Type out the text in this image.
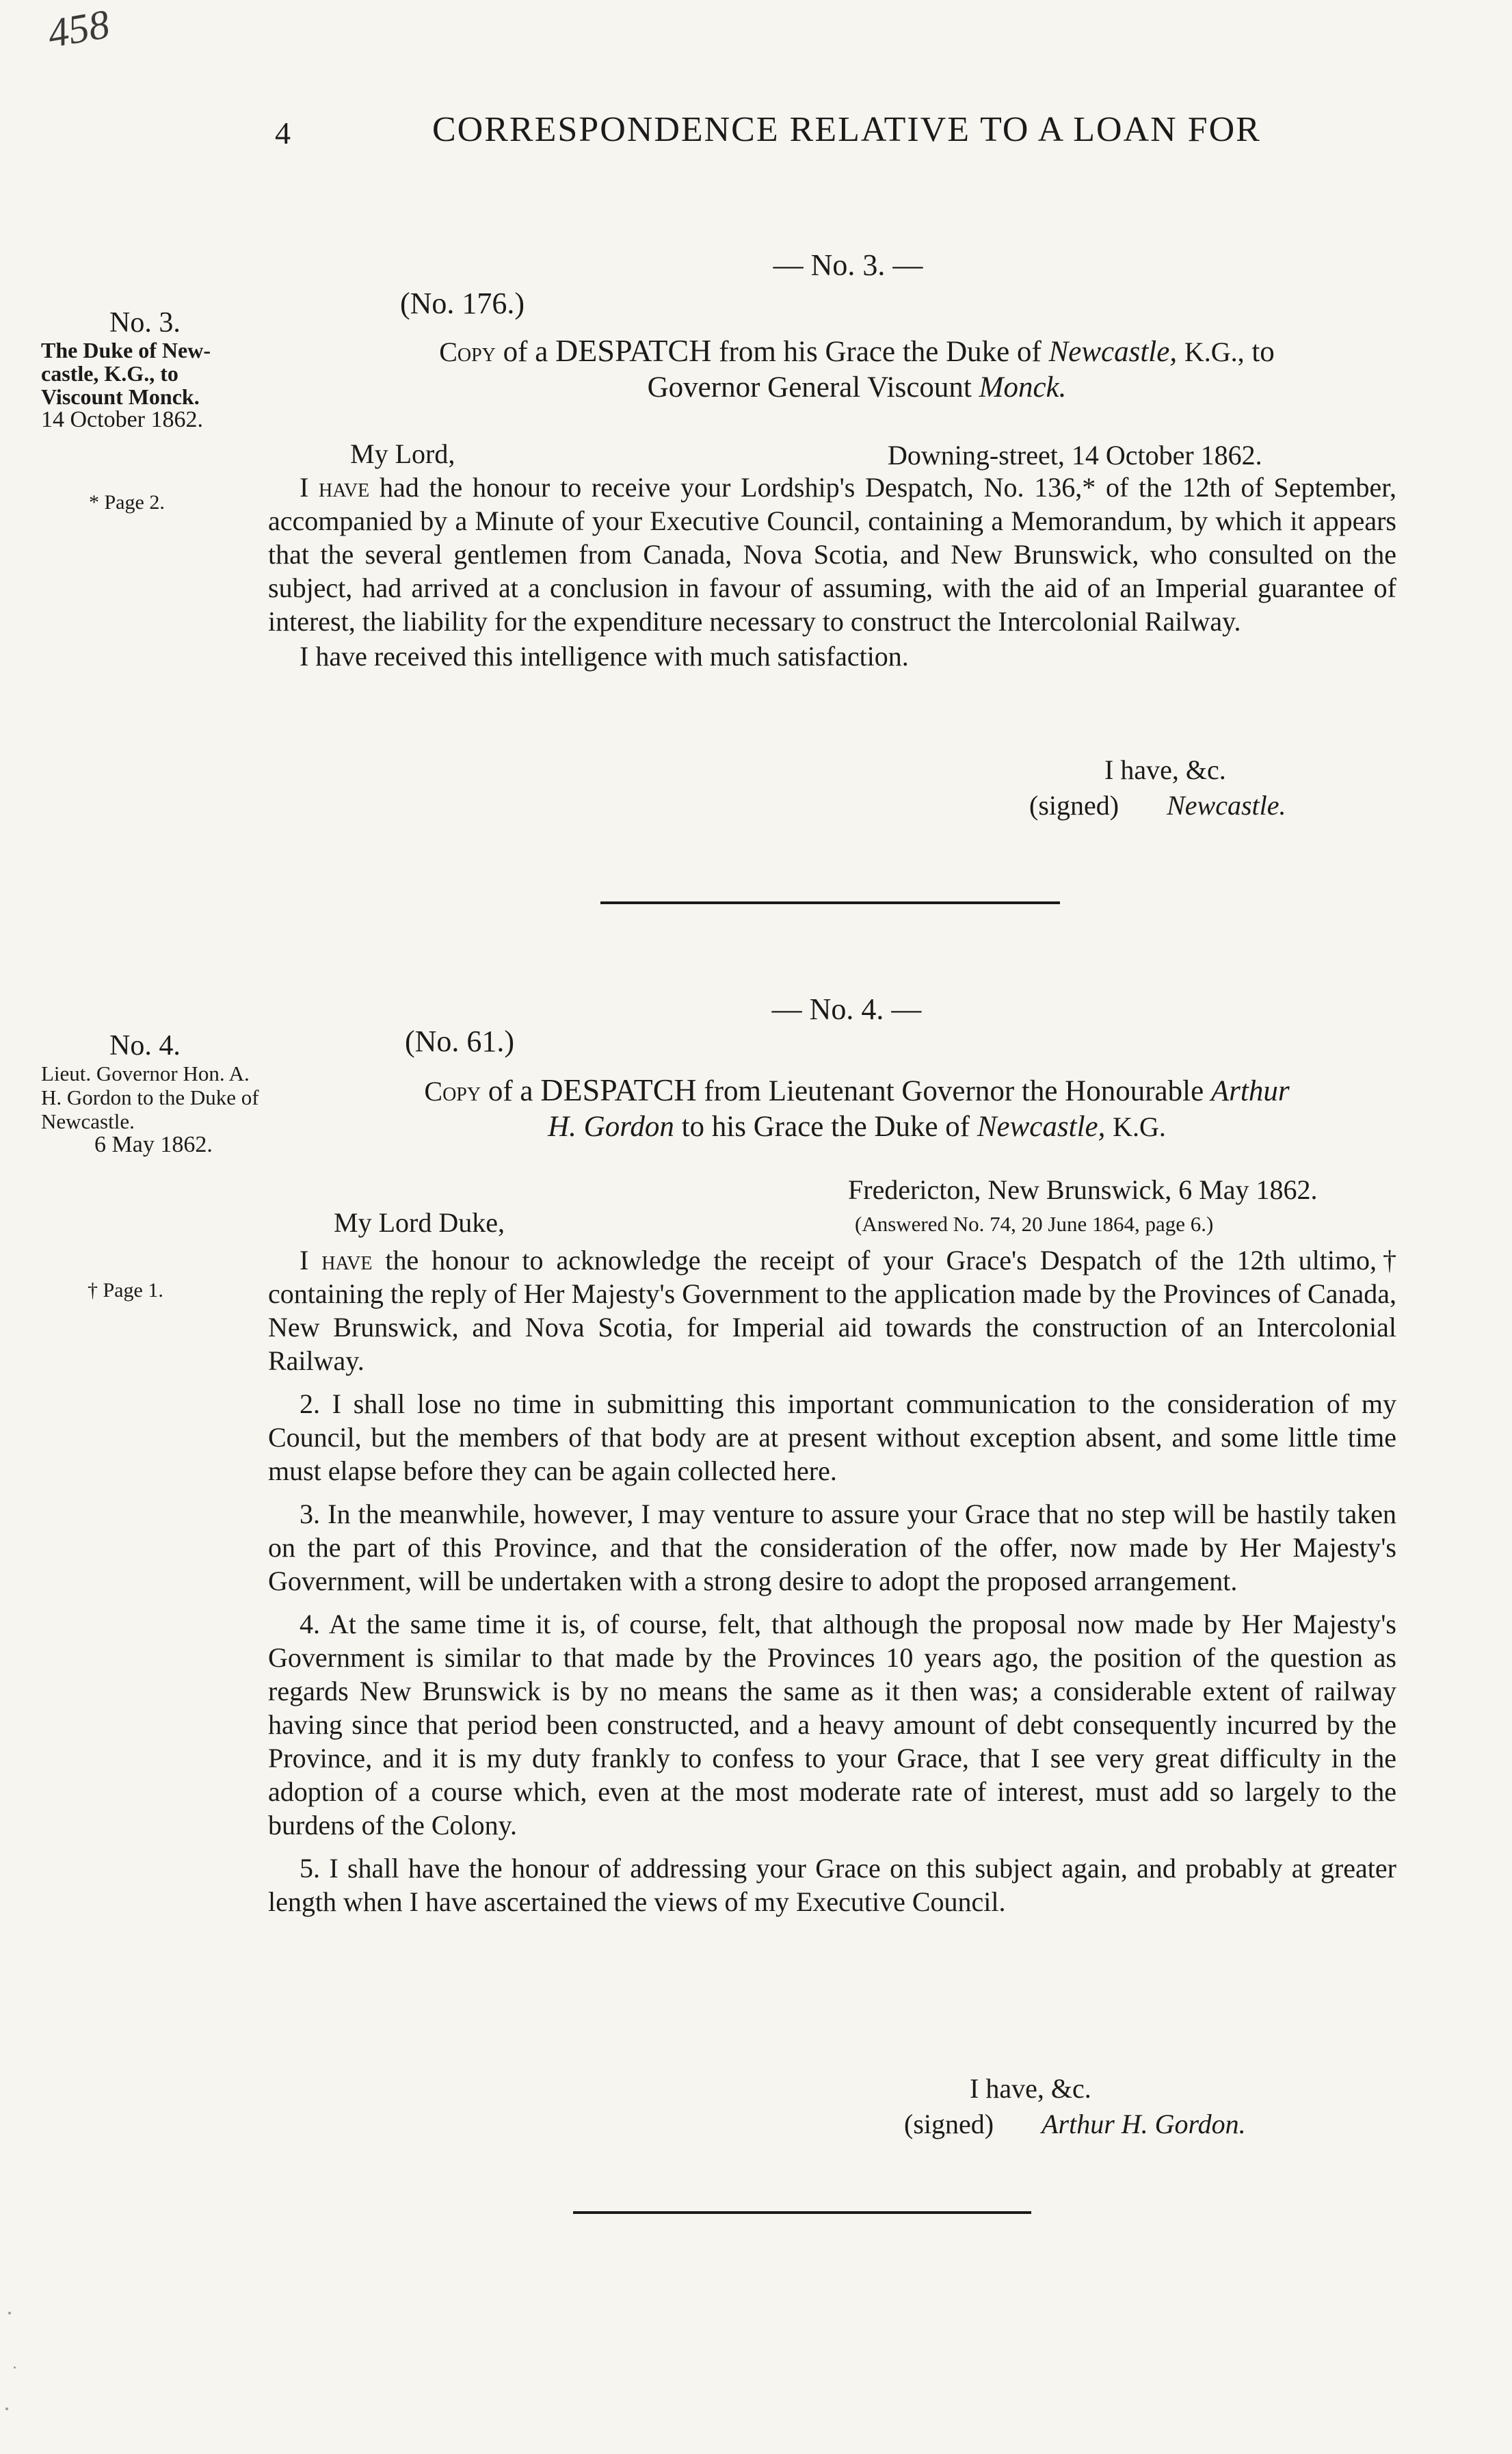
458
4	CORRESPONDENCE RELATIVE TO A LOAN FOR
— No. 3. —
(No. 176.)
Copy of a DESPATCH from his Grace the Duke of Newcastle, K.G., to
Governor General Viscount Monck.
No. 3.
The Duke of New-castle, K.G., to Viscount Monck.
14 October 1862.
* Page 2.
My Lord,	Downing-street, 14 October 1862.

I have had the honour to receive your Lordship's Despatch, No. 136,* of the 12th of September, accompanied by a Minute of your Executive Council, containing a Memorandum, by which it appears that the several gentlemen from Canada, Nova Scotia, and New Brunswick, who consulted on the subject, had arrived at a conclusion in favour of assuming, with the aid of an Imperial guarantee of interest, the liability for the expenditure necessary to construct the Intercolonial Railway.

I have received this intelligence with much satisfaction.

I have, &c.
(signed) Newcastle.
— No. 4. —
(No. 61.)
Copy of a DESPATCH from Lieutenant Governor the Honourable Arthur
H. Gordon to his Grace the Duke of Newcastle, K.G.
No. 4.
Lieut. Governor Hon. A. H. Gordon to the Duke of Newcastle.
6 May 1862.
† Page 1.
Fredericton, New Brunswick, 6 May 1862.
My Lord Duke,	(Answered No. 74, 20 June 1864, page 6.)

I have the honour to acknowledge the receipt of your Grace's Despatch of the 12th ultimo,† containing the reply of Her Majesty's Government to the application made by the Provinces of Canada, New Brunswick, and Nova Scotia, for Imperial aid towards the construction of an Intercolonial Railway.

2. I shall lose no time in submitting this important communication to the consideration of my Council, but the members of that body are at present without exception absent, and some little time must elapse before they can be again collected here.

3. In the meanwhile, however, I may venture to assure your Grace that no step will be hastily taken on the part of this Province, and that the consideration of the offer, now made by Her Majesty's Government, will be undertaken with a strong desire to adopt the proposed arrangement.

4. At the same time it is, of course, felt, that although the proposal now made by Her Majesty's Government is similar to that made by the Provinces 10 years ago, the position of the question as regards New Brunswick is by no means the same as it then was; a considerable extent of railway having since that period been constructed, and a heavy amount of debt consequently incurred by the Province, and it is my duty frankly to confess to your Grace, that I see very great difficulty in the adoption of a course which, even at the most moderate rate of interest, must add so largely to the burdens of the Colony.

5. I shall have the honour of addressing your Grace on this subject again, and probably at greater length when I have ascertained the views of my Executive Council.

I have, &c.
(signed) Arthur H. Gordon.
